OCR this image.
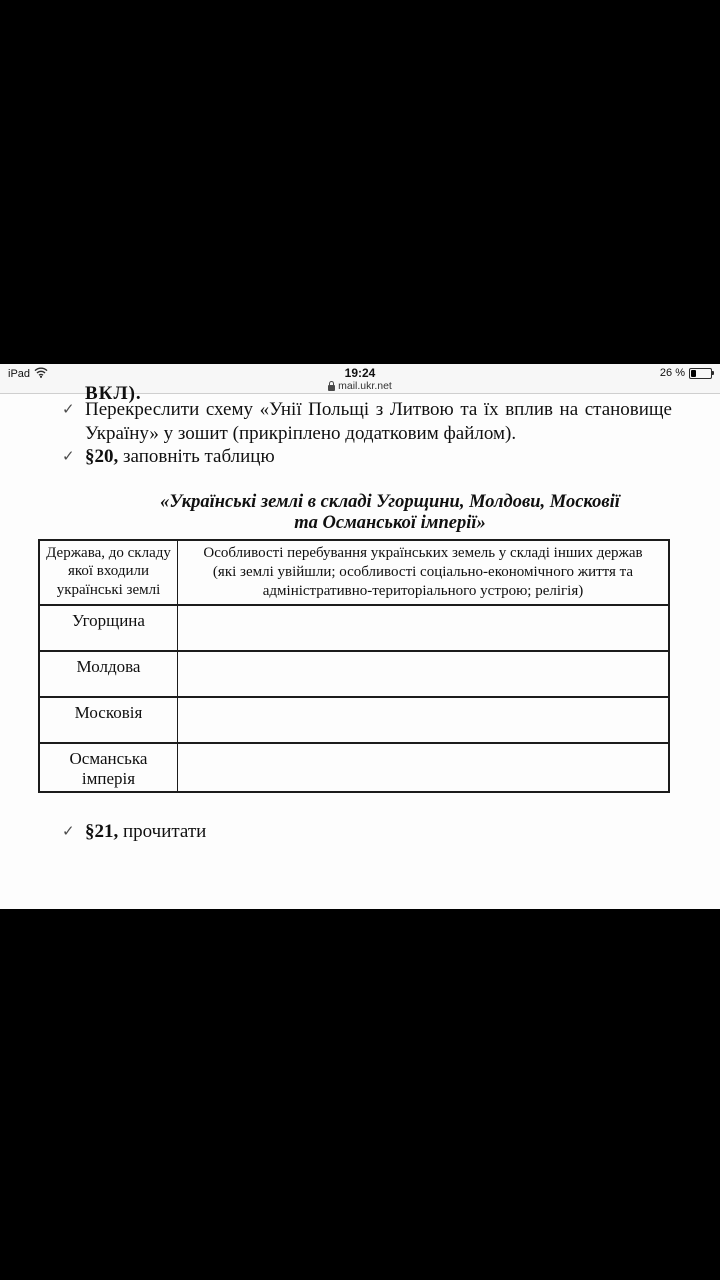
iPad	19:24
mail.ukr.net
26 %
ВКЛ).
✓ Перекреслити схему «Унії Польщі з Литвою та їх вплив на становище Україну» у зошит (прикріплено додатковим файлом).
✓ §20, заповніть таблицю
«Українські землі в складі Угорщини, Молдови, Московії
та Османської імперії»
Держава, до складу якої входили українські землі	Особливості перебування українських земель у складі інших держав (які землі увійшли; особливості соціально-економічного життя та адміністративно-територіального устрою; релігія)
Угорщина	
Молдова	
Московія	
Османська імперія	
✓ §21, прочитати
